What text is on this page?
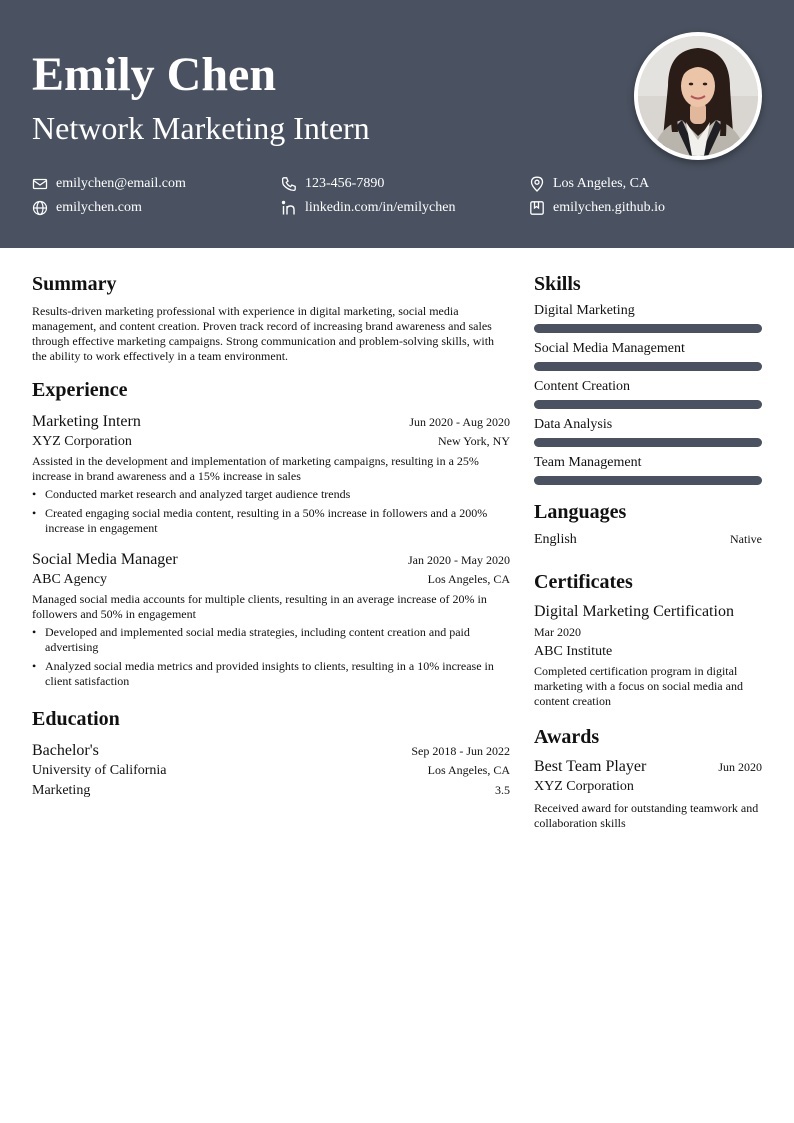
Emily Chen
Network Marketing Intern
emilychen@email.com	123-456-7890	Los Angeles, CA
emilychen.com	linkedin.com/in/emilychen	emilychen.github.io
Summary
Results-driven marketing professional with experience in digital marketing, social media management, and content creation. Proven track record of increasing brand awareness and sales through effective marketing campaigns. Strong communication and problem-solving skills, with the ability to work effectively in a team environment.
Experience
Marketing Intern	Jun 2020 - Aug 2020
XYZ Corporation	New York, NY
Assisted in the development and implementation of marketing campaigns, resulting in a 25% increase in brand awareness and a 15% increase in sales
• Conducted market research and analyzed target audience trends
• Created engaging social media content, resulting in a 50% increase in followers and a 200% increase in engagement
Social Media Manager	Jan 2020 - May 2020
ABC Agency	Los Angeles, CA
Managed social media accounts for multiple clients, resulting in an average increase of 20% in followers and 50% in engagement
• Developed and implemented social media strategies, including content creation and paid advertising
• Analyzed social media metrics and provided insights to clients, resulting in a 10% increase in client satisfaction
Education
Bachelor's	Sep 2018 - Jun 2022
University of California	Los Angeles, CA
Marketing	3.5
Skills
Digital Marketing
Social Media Management
Content Creation
Data Analysis
Team Management
Languages
English	Native
Certificates
Digital Marketing Certification
Mar 2020
ABC Institute
Completed certification program in digital marketing with a focus on social media and content creation
Awards
Best Team Player	Jun 2020
XYZ Corporation
Received award for outstanding teamwork and collaboration skills
